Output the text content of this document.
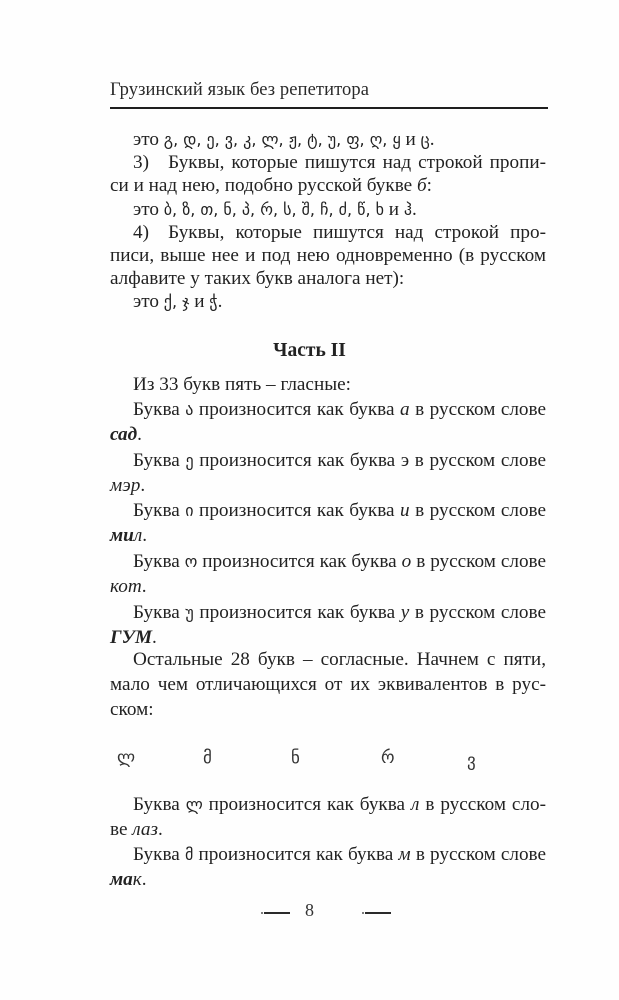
Грузинский язык без репетитора
это გ, დ, ე, ვ, კ, ლ, ჟ, ტ, უ, ფ, ღ, ყ и ც.
3) Буквы, которые пишутся над строкой пропи-
си и над нею, подобно русской букве б:
это ბ, ზ, თ, ნ, პ, რ, ს, შ, ჩ, ძ, წ, ხ и ჰ.
4) Буквы, которые пишутся над строкой про-
писи, выше нее и под нею одновременно (в русском
алфавите у таких букв аналога нет):
это ქ, ჯ и ჭ.
Часть II
Из 33 букв пять – гласные:
Буква ა произносится как буква а в русском слове
сад.
Буква ე произносится как буква э в русском слове
мэр.
Буква ი произносится как буква и в русском слове
мил.
Буква ო произносится как буква о в русском слове
кот.
Буква უ произносится как буква у в русском слове
ГУМ.
Остальные 28 букв – согласные. Начнем с пяти,
мало чем отличающихся от их эквивалентов в рус-
ском:
ლ	მ	ნ	რ	ვ
Буква ლ произносится как буква л в русском сло-
ве лаз.
Буква მ произносится как буква м в русском слове
мак.
8
